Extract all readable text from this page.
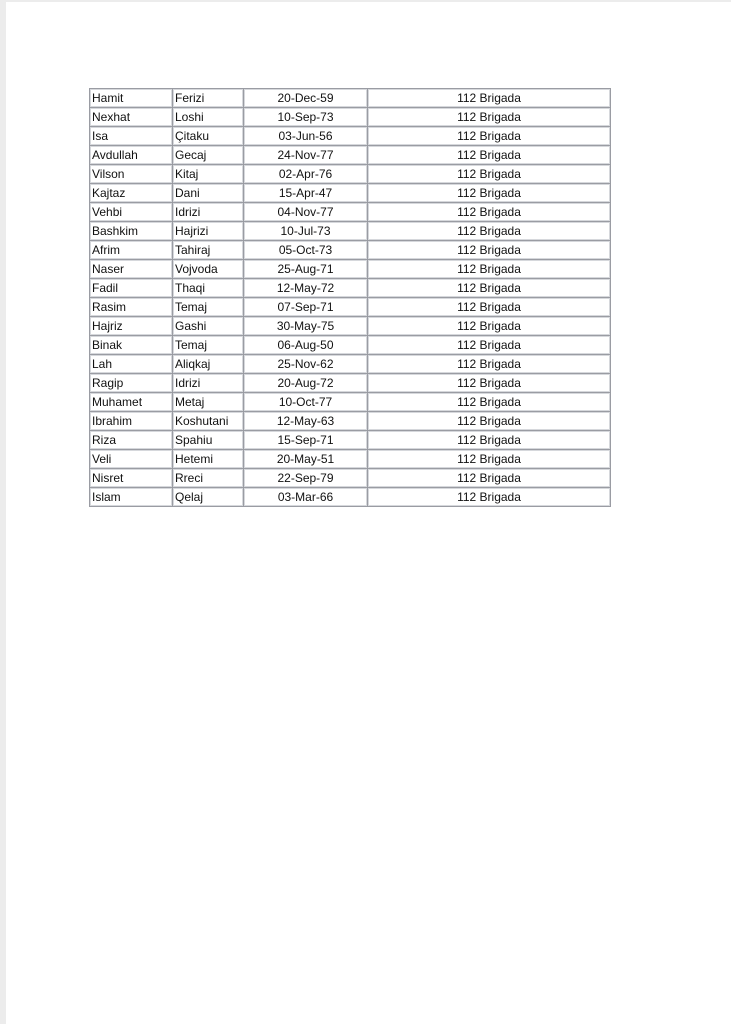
Hamit	Ferizi	20-Dec-59	112 Brigada
Nexhat	Loshi	10-Sep-73	112 Brigada
Isa	Çitaku	03-Jun-56	112 Brigada
Avdullah	Gecaj	24-Nov-77	112 Brigada
Vilson	Kitaj	02-Apr-76	112 Brigada
Kajtaz	Dani	15-Apr-47	112 Brigada
Vehbi	Idrizi	04-Nov-77	112 Brigada
Bashkim	Hajrizi	10-Jul-73	112 Brigada
Afrim	Tahiraj	05-Oct-73	112 Brigada
Naser	Vojvoda	25-Aug-71	112 Brigada
Fadil	Thaqi	12-May-72	112 Brigada
Rasim	Temaj	07-Sep-71	112 Brigada
Hajriz	Gashi	30-May-75	112 Brigada
Binak	Temaj	06-Aug-50	112 Brigada
Lah	Aliqkaj	25-Nov-62	112 Brigada
Ragip	Idrizi	20-Aug-72	112 Brigada
Muhamet	Metaj	10-Oct-77	112 Brigada
Ibrahim	Koshutani	12-May-63	112 Brigada
Riza	Spahiu	15-Sep-71	112 Brigada
Veli	Hetemi	20-May-51	112 Brigada
Nisret	Rreci	22-Sep-79	112 Brigada
Islam	Qelaj	03-Mar-66	112 Brigada
